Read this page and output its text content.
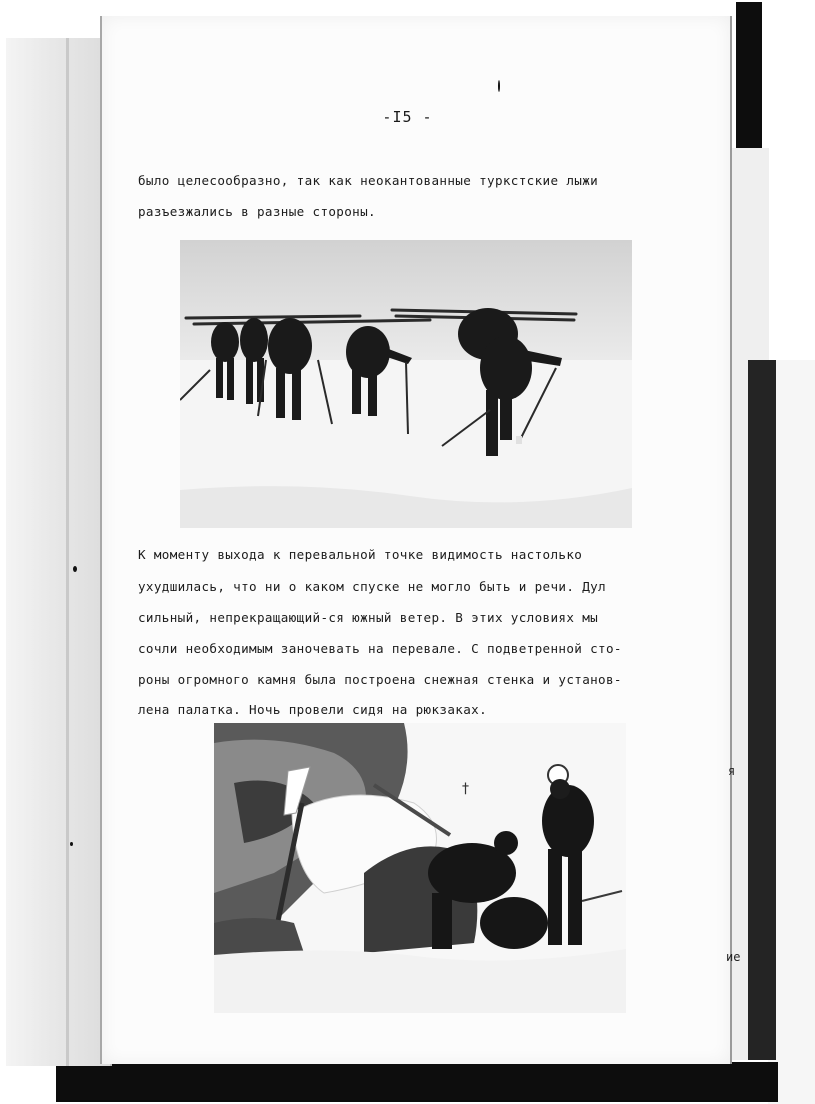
я
ие
-I5 -
было целесообразно, так как неокантованные туркстские лыжи
разъезжались в разные стороны.
К моменту выхода к перевальной точке видимость настолько
ухудшилась, что ни о каком спуске не могло быть и речи. Дул
сильный, непрекращающий-ся южный ветер. В этих условиях мы
сочли необходимым заночевать на перевале. С подветренной сто-
роны огромного камня была построена снежная стенка и установ-
лена палатка. Ночь провели сидя на рюкзаках.
†
